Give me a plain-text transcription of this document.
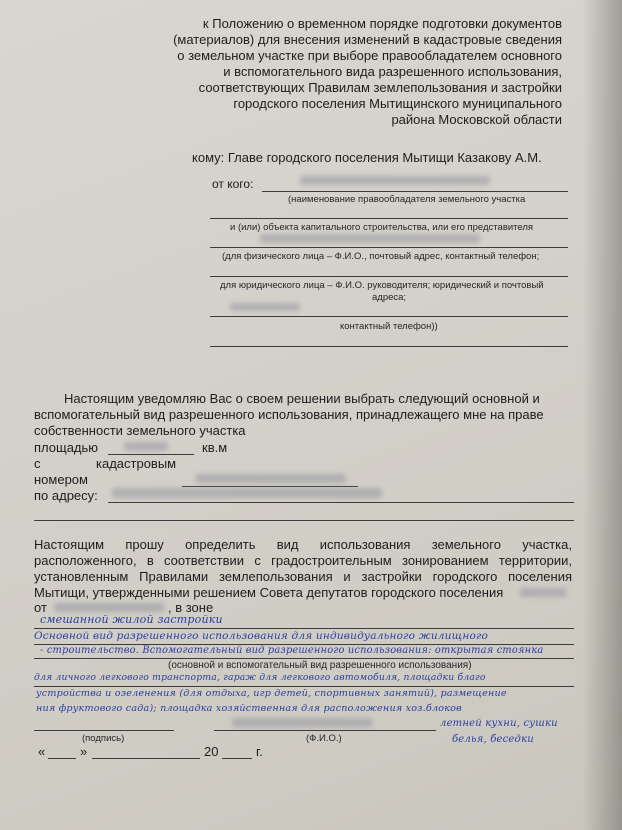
к Положению о временном порядке подготовки документов
(материалов) для внесения изменений в кадастровые сведения
о земельном участке при выборе правообладателем основного
и вспомогательного вида разрешенного использования,
соответствующих Правилам землепользования и застройки
городского поселения Мытищинского муниципального
района Московской области
кому: Главе городского поселения Мытищи Казакову А.М.
от кого:
(наименование правообладателя земельного участка
и (или) объекта капитального строительства, или его представителя
(для физического лица – Ф.И.О., почтовый адрес, контактный телефон;
для юридического лица – Ф.И.О. руководителя; юридический и почтовый
адреса;
контактный телефон))
Настоящим уведомляю Вас о своем решении выбрать следующий основной и
вспомогательный вид разрешенного использования, принадлежащего мне на праве
собственности земельного участка
площадью	кв.м
с	кадастровым
номером
по адресу:
Настоящим прошу определить вид использования земельного участка,
расположенного, в соответствии с градостроительным зонированием территории,
установленным Правилами землепользования и застройки городского поселения
Мытищи, утвержденными решением Совета депутатов городского поселения
от	, в зоне
смешанной жилой застройки
Основной вид разрешенного использования для индивидуального жилищного
- строительство. Вспомогательный вид разрешенного использования: открытая стоянка
(основной и вспомогательный вид разрешенного использования)
для личного легкового транспорта, гараж для легкового автомобиля, площадки благо
устройства и озеленения (для отдыха, игр детей, спортивных занятий), размещение
ния фруктового сада); площадка хозяйственная для расположения хоз.блоков
летней кухни, сушки
белья, беседки
(подпись)	(Ф.И.О.)
«	»	20	г.
